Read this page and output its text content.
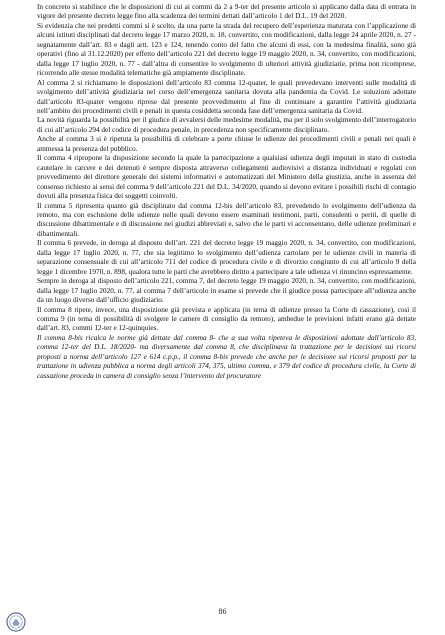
In concreto si stabilisce che le disposizioni di cui ai commi da 2 a 9-ter del presente articolo si applicano dalla data di entrata in vigore del presente decreto legge fino alla scadenza dei termini dettati dall’articolo 1 del D.L. 19 del 2020.

Si evidenzia che nei predetti commi si è scelto, da una parte la strada del recupero dell’esperienza maturata con l’applicazione di alcuni istituti disciplinati dal decreto legge 17 marzo 2020, n. 18, convertito, con modificazioni, dalla legge 24 aprile 2020, n. 27 - segnatamente dall’art. 83 e dagli artt. 123 e 124, tenendo conto del fatto che alcuni di essi, con la medesima finalità, sono già operativi (fino al 31.12.2020) per effetto dell’articolo 221 del decreto legge 19 maggio 2020, n. 34, convertito, con modificazioni, dalla legge 17 luglio 2020, n. 77 - dall’altra di consentire lo svolgimento di ulteriori attività giudiziarie, prima non ricomprese, ricorrendo alle stesse modalità telematiche già ampiamente disciplinate.

Al comma 2 si richiamano le disposizioni dell’articolo 83 comma 12-quater, le quali prevedevano interventi sulle modalità di svolgimento dell’attività giudiziaria nel corso dell’emergenza sanitaria dovuta alla pandemia da Covid. Le soluzioni adottate dall’articolo 83-quater vengono riprese dal presente provvedimento al fine di continuare a garantire l’attività giudiziaria nell’ambito dei procedimenti civili e penali in questa cosiddetta seconda fase dell’emergenza sanitaria da Covid.

La novità riguarda la possibilità per il giudice di avvalersi delle medesime modalità, ma per il solo svolgimento dell’interrogatorio di cui all’articolo 294 del codice di procedura penale, in precedenza non specificamente disciplinato.

Anche al comma 3 si è ripetuta la possibilità di celebrare a porte chiuse le udienze dei procedimenti civili e penali nei quali è ammessa la presenza del pubblico.

Il comma 4 ripropone la disposizione secondo la quale la partecipazione a qualsiasi udienza degli imputati in stato di custodia cautelare in carcere e dei detenuti è sempre disposta attraverso collegamenti audiovisivi a distanza individuati e regolati con provvedimento del direttore generale dei sistemi informativi e automatizzati del Ministero della giustizia, anche in assenza del consenso richiesto ai sensi del comma 9 dell’articolo 221 del D.L. 34/2020, quando si devono evitare i possibili rischi di contagio dovuti alla presenza fisica dei soggetti coinvolti.

Il comma 5 ripresenta quanto già disciplinato dal comma 12-bis dell’articolo 83, prevedendo lo svolgimento dell’udienza da remoto, ma con esclusione delle udienze nelle quali devono essere esaminati testimoni, parti, consulenti o periti, di quelle di discussione dibattimentale e di discussione nei giudizi abbreviati e, salvo che le parti vi acconsentano, delle udienze preliminari e dibattimentali.

Il comma 6 prevede, in deroga al disposto dell’art. 221 del decreto legge 19 maggio 2020, n. 34, convertito, con modificazioni, dalla legge 17 luglio 2020, n. 77, che sia legittimo lo svolgimento dell’udienza cartolare per le udienze civili in materia di separazione consensuale di cui all’articolo 711 del codice di procedura civile e di divorzio congiunto di cui all’articolo 9 della legge 1 dicembre 1970, n. 898, qualora tutte le parti che avrebbero diritto a partecipare a tale udienza vi rinuncino espressamente.

Sempre in deroga al disposto dell’articolo 221, comma 7, del decreto legge 19 maggio 2020, n. 34, convertito, con modificazioni, dalla legge 17 luglio 2020, n. 77, al comma 7 dell’articolo in esame si prevede che il giudice possa partecipare all’udienza anche da un luogo diverso dall’ufficio giudiziario.

Il comma 8 ripete, invece, una disposizione già prevista e applicata (in tema di udienze presso la Corte di cassazione), così il comma 9 (in tema di possibilità di svolgere le camere di consiglio da remoto), ambedue le previsioni infatti erano già dettate dall’art. 83, commi 12-ter e 12-quinquies.

Il comma 8-bis ricalca le norme già dettate dal comma 8- che a sua volta ripeteva le disposizioni adottate dall’articolo 83, comma 12-ter del D.L. 18/2020- ma diversamente dal comma 8, che disciplinava la trattazione per le decisioni sui ricorsi proposti a norma dell’articolo 127 e 614 c.p.p., il comma 8-bis prevede che anche per le decisione sui ricorsi proposti per la trattazione in udienza pubblica a norma degli articoli 374, 375, ultimo comma, e 379 del codice di procedura civile, la Corte di cassazione proceda in camera di consiglio senza l’intervento del procuratore

86
